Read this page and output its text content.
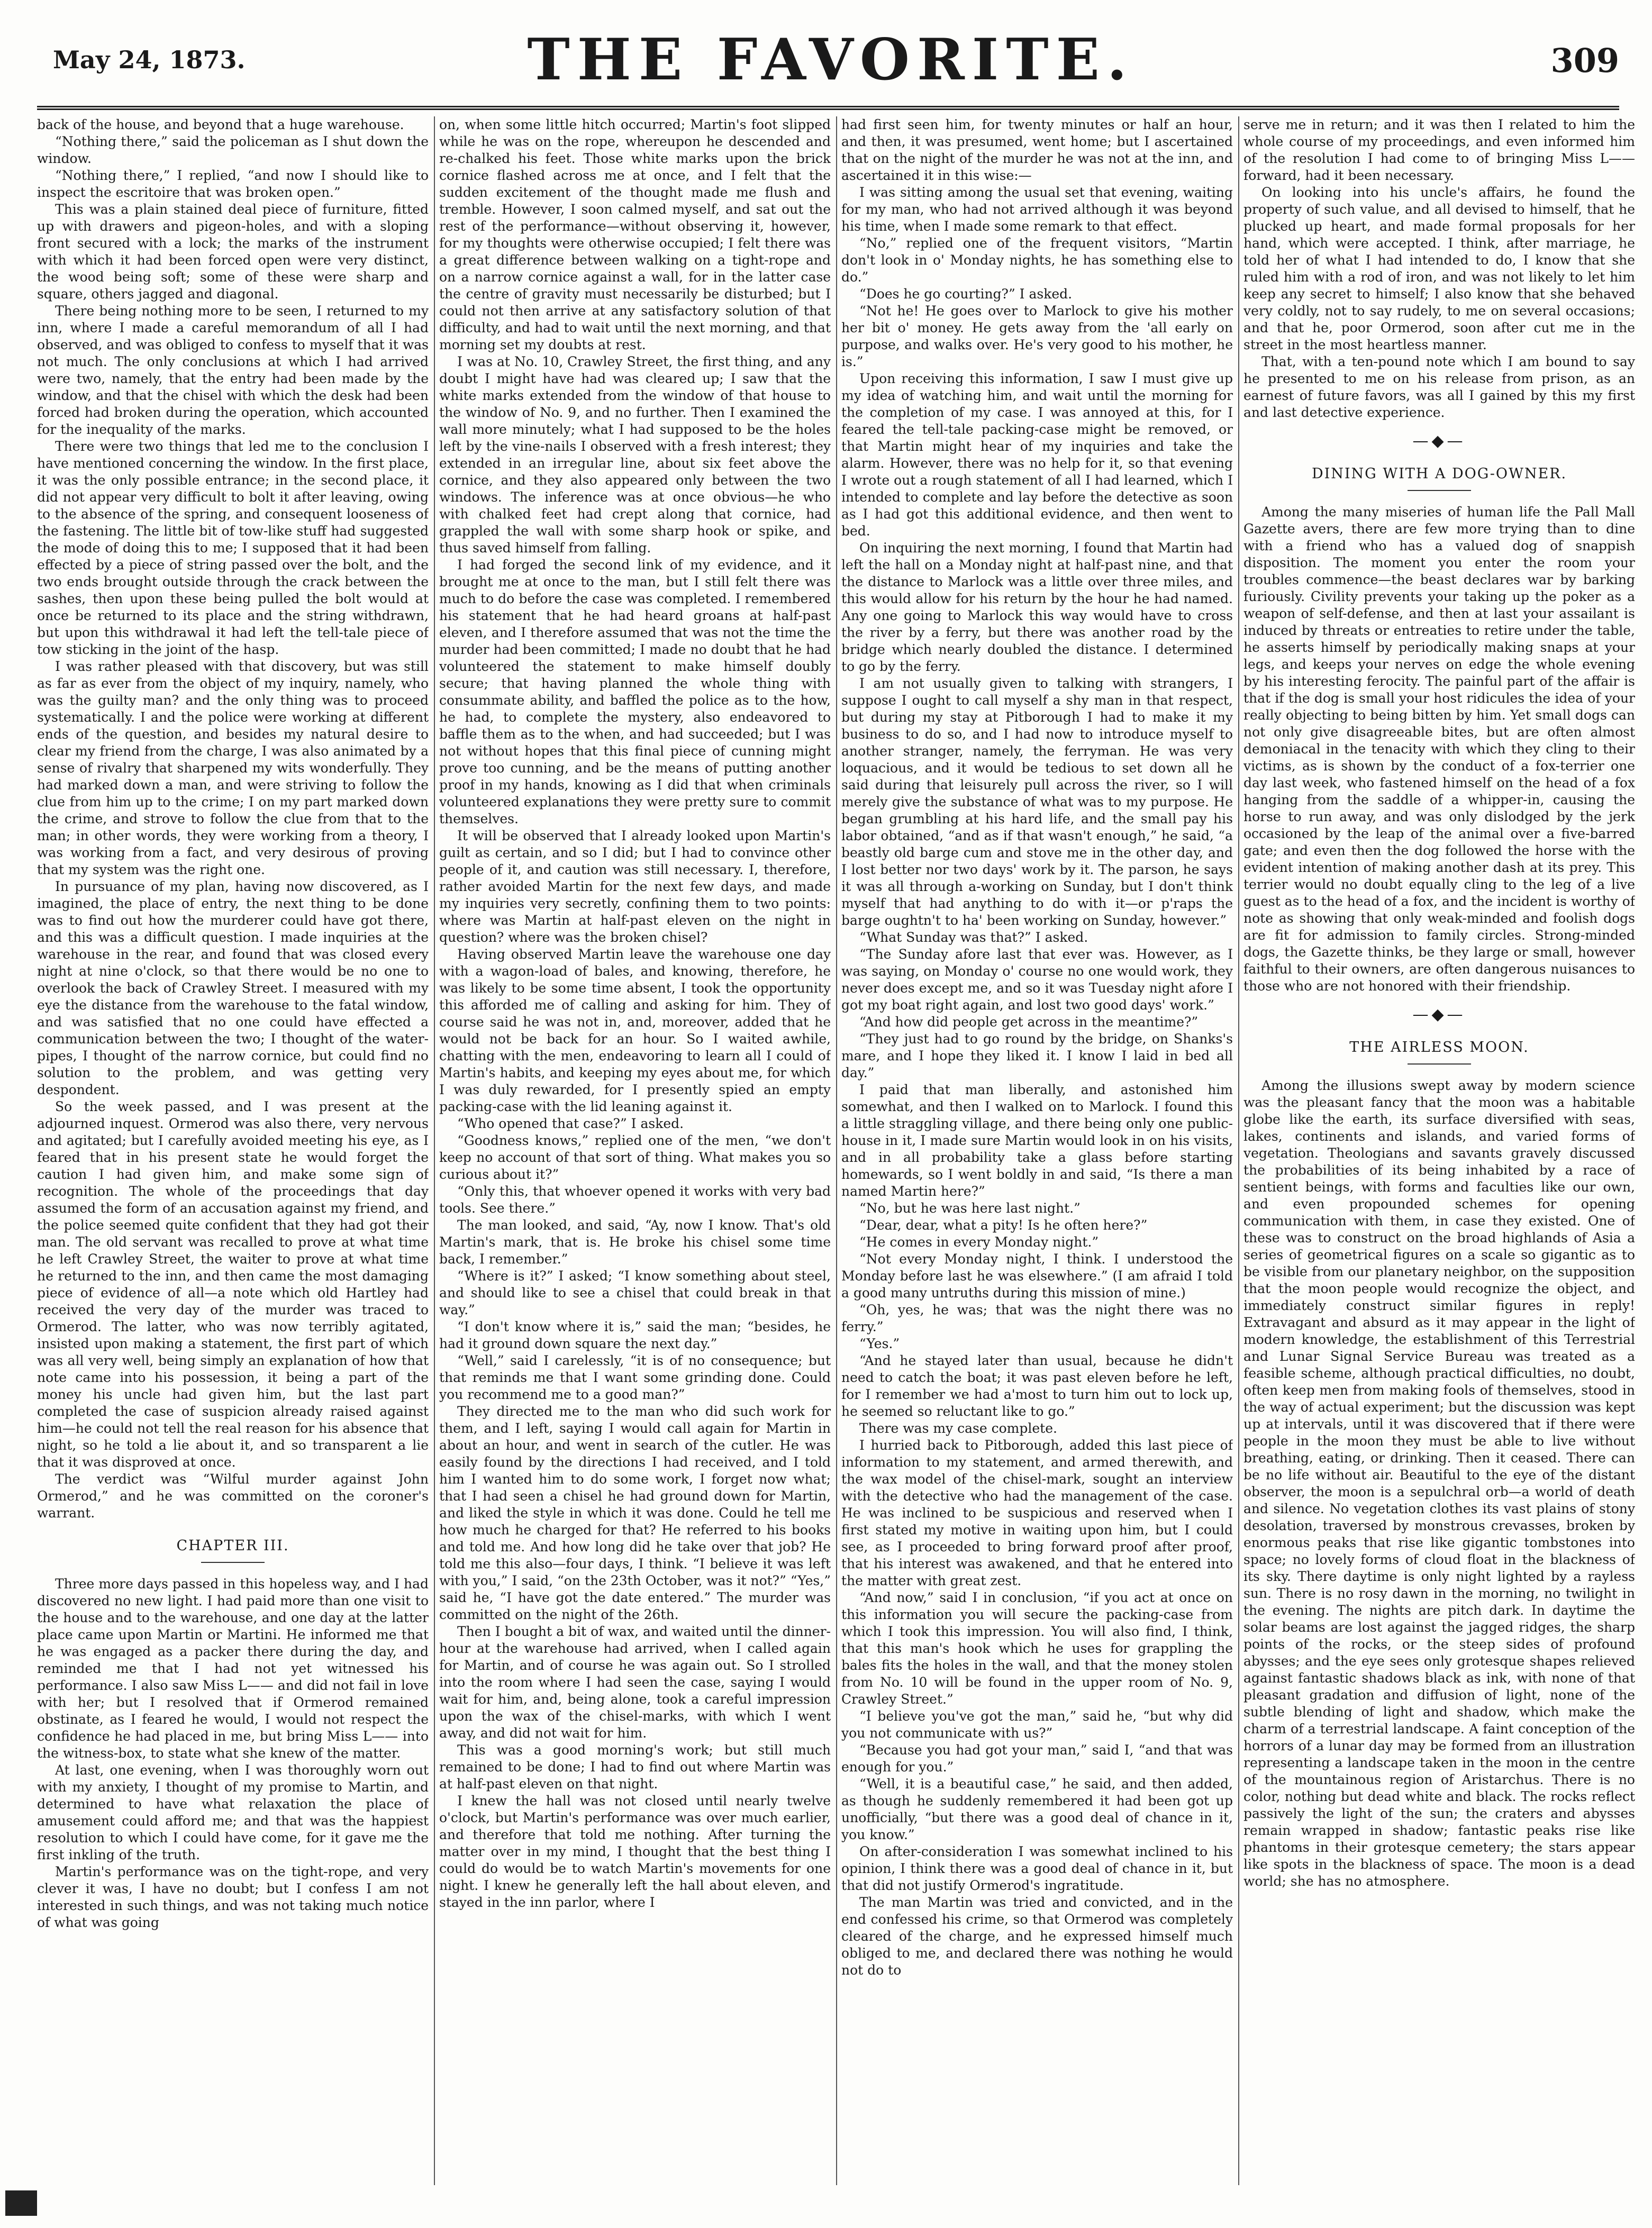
May 24, 1873.	THE FAVORITE.	309

back of the house, and beyond that a huge warehouse.

“Nothing there,” said the policeman as I shut down the window.

“Nothing there,” I replied, “and now I should like to inspect the escritoire that was broken open.”

This was a plain stained deal piece of furniture, fitted up with drawers and pigeon-holes, and with a sloping front secured with a lock; the marks of the instrument with which it had been forced open were very distinct, the wood being soft; some of these were sharp and square, others jagged and diagonal.

There being nothing more to be seen, I returned to my inn, where I made a careful memorandum of all I had observed, and was obliged to confess to myself that it was not much. The only conclusions at which I had arrived were two, namely, that the entry had been made by the window, and that the chisel with which the desk had been forced had broken during the operation, which accounted for the inequality of the marks.

There were two things that led me to the conclusion I have mentioned concerning the window. In the first place, it was the only possible entrance; in the second place, it did not appear very difficult to bolt it after leaving, owing to the absence of the spring, and consequent looseness of the fastening. The little bit of tow-like stuff had suggested the mode of doing this to me; I supposed that it had been effected by a piece of string passed over the bolt, and the two ends brought outside through the crack between the sashes, then upon these being pulled the bolt would at once be returned to its place and the string withdrawn, but upon this withdrawal it had left the tell-tale piece of tow sticking in the joint of the hasp.

I was rather pleased with that discovery, but was still as far as ever from the object of my inquiry, namely, who was the guilty man? and the only thing was to proceed systematically. I and the police were working at different ends of the question, and besides my natural desire to clear my friend from the charge, I was also animated by a sense of rivalry that sharpened my wits wonderfully. They had marked down a man, and were striving to follow the clue from him up to the crime; I on my part marked down the crime, and strove to follow the clue from that to the man; in other words, they were working from a theory, I was working from a fact, and very desirous of proving that my system was the right one.

In pursuance of my plan, having now discovered, as I imagined, the place of entry, the next thing to be done was to find out how the murderer could have got there, and this was a difficult question. I made inquiries at the warehouse in the rear, and found that was closed every night at nine o'clock, so that there would be no one to overlook the back of Crawley Street. I measured with my eye the distance from the warehouse to the fatal window, and was satisfied that no one could have effected a communication between the two; I thought of the water-pipes, I thought of the narrow cornice, but could find no solution to the problem, and was getting very despondent.

So the week passed, and I was present at the adjourned inquest. Ormerod was also there, very nervous and agitated; but I carefully avoided meeting his eye, as I feared that in his present state he would forget the caution I had given him, and make some sign of recognition. The whole of the proceedings that day assumed the form of an accusation against my friend, and the police seemed quite confident that they had got their man. The old servant was recalled to prove at what time he left Crawley Street, the waiter to prove at what time he returned to the inn, and then came the most damaging piece of evidence of all—a note which old Hartley had received the very day of the murder was traced to Ormerod. The latter, who was now terribly agitated, insisted upon making a statement, the first part of which was all very well, being simply an explanation of how that note came into his possession, it being a part of the money his uncle had given him, but the last part completed the case of suspicion already raised against him—he could not tell the real reason for his absence that night, so he told a lie about it, and so transparent a lie that it was disproved at once.

The verdict was “Wilful murder against John Ormerod,” and he was committed on the coroner's warrant.

CHAPTER III.

Three more days passed in this hopeless way, and I had discovered no new light. I had paid more than one visit to the house and to the warehouse, and one day at the latter place came upon Martin or Martini. He informed me that he was engaged as a packer there during the day, and reminded me that I had not yet witnessed his performance. I also saw Miss L—— and did not fail in love with her; but I resolved that if Ormerod remained obstinate, as I feared he would, I would not respect the confidence he had placed in me, but bring Miss L—— into the witness-box, to state what she knew of the matter.

At last, one evening, when I was thoroughly worn out with my anxiety, I thought of my promise to Martin, and determined to have what relaxation the place of amusement could afford me; and that was the happiest resolution to which I could have come, for it gave me the first inkling of the truth.

Martin's performance was on the tight-rope, and very clever it was, I have no doubt; but I confess I am not interested in such things, and was not taking much notice of what was going

on, when some little hitch occurred; Martin's foot slipped while he was on the rope, whereupon he descended and re-chalked his feet. Those white marks upon the brick cornice flashed across me at once, and I felt that the sudden excitement of the thought made me flush and tremble. However, I soon calmed myself, and sat out the rest of the performance—without observing it, however, for my thoughts were otherwise occupied; I felt there was a great difference between walking on a tight-rope and on a narrow cornice against a wall, for in the latter case the centre of gravity must necessarily be disturbed; but I could not then arrive at any satisfactory solution of that difficulty, and had to wait until the next morning, and that morning set my doubts at rest.

I was at No. 10, Crawley Street, the first thing, and any doubt I might have had was cleared up; I saw that the white marks extended from the window of that house to the window of No. 9, and no further. Then I examined the wall more minutely; what I had supposed to be the holes left by the vine-nails I observed with a fresh interest; they extended in an irregular line, about six feet above the cornice, and they also appeared only between the two windows. The inference was at once obvious—he who with chalked feet had crept along that cornice, had grappled the wall with some sharp hook or spike, and thus saved himself from falling.

I had forged the second link of my evidence, and it brought me at once to the man, but I still felt there was much to do before the case was completed. I remembered his statement that he had heard groans at half-past eleven, and I therefore assumed that was not the time the murder had been committed; I made no doubt that he had volunteered the statement to make himself doubly secure; that having planned the whole thing with consummate ability, and baffled the police as to the how, he had, to complete the mystery, also endeavored to baffle them as to the when, and had succeeded; but I was not without hopes that this final piece of cunning might prove too cunning, and be the means of putting another proof in my hands, knowing as I did that when criminals volunteered explanations they were pretty sure to commit themselves.

It will be observed that I already looked upon Martin's guilt as certain, and so I did; but I had to convince other people of it, and caution was still necessary. I, therefore, rather avoided Martin for the next few days, and made my inquiries very secretly, confining them to two points: where was Martin at half-past eleven on the night in question? where was the broken chisel?

Having observed Martin leave the warehouse one day with a wagon-load of bales, and knowing, therefore, he was likely to be some time absent, I took the opportunity this afforded me of calling and asking for him. They of course said he was not in, and, moreover, added that he would not be back for an hour. So I waited awhile, chatting with the men, endeavoring to learn all I could of Martin's habits, and keeping my eyes about me, for which I was duly rewarded, for I presently spied an empty packing-case with the lid leaning against it.

“Who opened that case?” I asked.

“Goodness knows,” replied one of the men, “we don't keep no account of that sort of thing. What makes you so curious about it?”

“Only this, that whoever opened it works with very bad tools. See there.”

The man looked, and said, “Ay, now I know. That's old Martin's mark, that is. He broke his chisel some time back, I remember.”

“Where is it?” I asked; “I know something about steel, and should like to see a chisel that could break in that way.”

“I don't know where it is,” said the man; “besides, he had it ground down square the next day.”

“Well,” said I carelessly, “it is of no consequence; but that reminds me that I want some grinding done. Could you recommend me to a good man?”

They directed me to the man who did such work for them, and I left, saying I would call again for Martin in about an hour, and went in search of the cutler. He was easily found by the directions I had received, and I told him I wanted him to do some work, I forget now what; that I had seen a chisel he had ground down for Martin, and liked the style in which it was done. Could he tell me how much he charged for that? He referred to his books and told me. And how long did he take over that job? He told me this also—four days, I think. “I believe it was left with you,” I said, “on the 23th October, was it not?” “Yes,” said he, “I have got the date entered.” The murder was committed on the night of the 26th.

Then I bought a bit of wax, and waited until the dinner-hour at the warehouse had arrived, when I called again for Martin, and of course he was again out. So I strolled into the room where I had seen the case, saying I would wait for him, and, being alone, took a careful impression upon the wax of the chisel-marks, with which I went away, and did not wait for him.

This was a good morning's work; but still much remained to be done; I had to find out where Martin was at half-past eleven on that night.

I knew the hall was not closed until nearly twelve o'clock, but Martin's performance was over much earlier, and therefore that told me nothing. After turning the matter over in my mind, I thought that the best thing I could do would be to watch Martin's movements for one night. I knew he generally left the hall about eleven, and stayed in the inn parlor, where I

had first seen him, for twenty minutes or half an hour, and then, it was presumed, went home; but I ascertained that on the night of the murder he was not at the inn, and ascertained it in this wise:—

I was sitting among the usual set that evening, waiting for my man, who had not arrived although it was beyond his time, when I made some remark to that effect.

“No,” replied one of the frequent visitors, “Martin don't look in o' Monday nights, he has something else to do.”

“Does he go courting?” I asked.

“Not he! He goes over to Marlock to give his mother her bit o' money. He gets away from the 'all early on purpose, and walks over. He's very good to his mother, he is.”

Upon receiving this information, I saw I must give up my idea of watching him, and wait until the morning for the completion of my case. I was annoyed at this, for I feared the tell-tale packing-case might be removed, or that Martin might hear of my inquiries and take the alarm. However, there was no help for it, so that evening I wrote out a rough statement of all I had learned, which I intended to complete and lay before the detective as soon as I had got this additional evidence, and then went to bed.

On inquiring the next morning, I found that Martin had left the hall on a Monday night at half-past nine, and that the distance to Marlock was a little over three miles, and this would allow for his return by the hour he had named. Any one going to Marlock this way would have to cross the river by a ferry, but there was another road by the bridge which nearly doubled the distance. I determined to go by the ferry.

I am not usually given to talking with strangers, I suppose I ought to call myself a shy man in that respect, but during my stay at Pitborough I had to make it my business to do so, and I had now to introduce myself to another stranger, namely, the ferryman. He was very loquacious, and it would be tedious to set down all he said during that leisurely pull across the river, so I will merely give the substance of what was to my purpose. He began grumbling at his hard life, and the small pay his labor obtained, “and as if that wasn't enough,” he said, “a beastly old barge cum and stove me in the other day, and I lost better nor two days' work by it. The parson, he says it was all through a-working on Sunday, but I don't think myself that had anything to do with it—or p'raps the barge oughtn't to ha' been working on Sunday, however.”

“What Sunday was that?” I asked.

“The Sunday afore last that ever was. However, as I was saying, on Monday o' course no one would work, they never does except me, and so it was Tuesday night afore I got my boat right again, and lost two good days' work.”

“And how did people get across in the meantime?”

“They just had to go round by the bridge, on Shanks's mare, and I hope they liked it. I know I laid in bed all day.”

I paid that man liberally, and astonished him somewhat, and then I walked on to Marlock. I found this a little straggling village, and there being only one public-house in it, I made sure Martin would look in on his visits, and in all probability take a glass before starting homewards, so I went boldly in and said, “Is there a man named Martin here?”

“No, but he was here last night.”

“Dear, dear, what a pity! Is he often here?”

“He comes in every Monday night.”

“Not every Monday night, I think. I understood the Monday before last he was elsewhere.” (I am afraid I told a good many untruths during this mission of mine.)

“Oh, yes, he was; that was the night there was no ferry.”

“Yes.”

“And he stayed later than usual, because he didn't need to catch the boat; it was past eleven before he left, for I remember we had a'most to turn him out to lock up, he seemed so reluctant like to go.”

There was my case complete.

I hurried back to Pitborough, added this last piece of information to my statement, and armed therewith, and the wax model of the chisel-mark, sought an interview with the detective who had the management of the case. He was inclined to be suspicious and reserved when I first stated my motive in waiting upon him, but I could see, as I proceeded to bring forward proof after proof, that his interest was awakened, and that he entered into the matter with great zest.

“And now,” said I in conclusion, “if you act at once on this information you will secure the packing-case from which I took this impression. You will also find, I think, that this man's hook which he uses for grappling the bales fits the holes in the wall, and that the money stolen from No. 10 will be found in the upper room of No. 9, Crawley Street.”

“I believe you've got the man,” said he, “but why did you not communicate with us?”

“Because you had got your man,” said I, “and that was enough for you.”

“Well, it is a beautiful case,” he said, and then added, as though he suddenly remembered it had been got up unofficially, “but there was a good deal of chance in it, you know.”

On after-consideration I was somewhat inclined to his opinion, I think there was a good deal of chance in it, but that did not justify Ormerod's ingratitude.

The man Martin was tried and convicted, and in the end confessed his crime, so that Ormerod was completely cleared of the charge, and he expressed himself much obliged to me, and declared there was nothing he would not do to

serve me in return; and it was then I related to him the whole course of my proceedings, and even informed him of the resolution I had come to of bringing Miss L—— forward, had it been necessary.

On looking into his uncle's affairs, he found the property of such value, and all devised to himself, that he plucked up heart, and made formal proposals for her hand, which were accepted. I think, after marriage, he told her of what I had intended to do, I know that she ruled him with a rod of iron, and was not likely to let him keep any secret to himself; I also know that she behaved very coldly, not to say rudely, to me on several occasions; and that he, poor Ormerod, soon after cut me in the street in the most heartless manner.

That, with a ten-pound note which I am bound to say he presented to me on his release from prison, as an earnest of future favors, was all I gained by this my first and last detective experience.

—◆—

DINING WITH A DOG-OWNER.

Among the many miseries of human life the Pall Mall Gazette avers, there are few more trying than to dine with a friend who has a valued dog of snappish disposition. The moment you enter the room your troubles commence—the beast declares war by barking furiously. Civility prevents your taking up the poker as a weapon of self-defense, and then at last your assailant is induced by threats or entreaties to retire under the table, he asserts himself by periodically making snaps at your legs, and keeps your nerves on edge the whole evening by his interesting ferocity. The painful part of the affair is that if the dog is small your host ridicules the idea of your really objecting to being bitten by him. Yet small dogs can not only give disagreeable bites, but are often almost demoniacal in the tenacity with which they cling to their victims, as is shown by the conduct of a fox-terrier one day last week, who fastened himself on the head of a fox hanging from the saddle of a whipper-in, causing the horse to run away, and was only dislodged by the jerk occasioned by the leap of the animal over a five-barred gate; and even then the dog followed the horse with the evident intention of making another dash at its prey. This terrier would no doubt equally cling to the leg of a live guest as to the head of a fox, and the incident is worthy of note as showing that only weak-minded and foolish dogs are fit for admission to family circles. Strong-minded dogs, the Gazette thinks, be they large or small, however faithful to their owners, are often dangerous nuisances to those who are not honored with their friendship.

—◆—

THE AIRLESS MOON.

Among the illusions swept away by modern science was the pleasant fancy that the moon was a habitable globe like the earth, its surface diversified with seas, lakes, continents and islands, and varied forms of vegetation. Theologians and savants gravely discussed the probabilities of its being inhabited by a race of sentient beings, with forms and faculties like our own, and even propounded schemes for opening communication with them, in case they existed. One of these was to construct on the broad highlands of Asia a series of geometrical figures on a scale so gigantic as to be visible from our planetary neighbor, on the supposition that the moon people would recognize the object, and immediately construct similar figures in reply! Extravagant and absurd as it may appear in the light of modern knowledge, the establishment of this Terrestrial and Lunar Signal Service Bureau was treated as a feasible scheme, although practical difficulties, no doubt, often keep men from making fools of themselves, stood in the way of actual experiment; but the discussion was kept up at intervals, until it was discovered that if there were people in the moon they must be able to live without breathing, eating, or drinking. Then it ceased. There can be no life without air. Beautiful to the eye of the distant observer, the moon is a sepulchral orb—a world of death and silence. No vegetation clothes its vast plains of stony desolation, traversed by monstrous crevasses, broken by enormous peaks that rise like gigantic tombstones into space; no lovely forms of cloud float in the blackness of its sky. There daytime is only night lighted by a rayless sun. There is no rosy dawn in the morning, no twilight in the evening. The nights are pitch dark. In daytime the solar beams are lost against the jagged ridges, the sharp points of the rocks, or the steep sides of profound abysses; and the eye sees only grotesque shapes relieved against fantastic shadows black as ink, with none of that pleasant gradation and diffusion of light, none of the subtle blending of light and shadow, which make the charm of a terrestrial landscape. A faint conception of the horrors of a lunar day may be formed from an illustration representing a landscape taken in the moon in the centre of the mountainous region of Aristarchus. There is no color, nothing but dead white and black. The rocks reflect passively the light of the sun; the craters and abysses remain wrapped in shadow; fantastic peaks rise like phantoms in their grotesque cemetery; the stars appear like spots in the blackness of space. The moon is a dead world; she has no atmosphere.
